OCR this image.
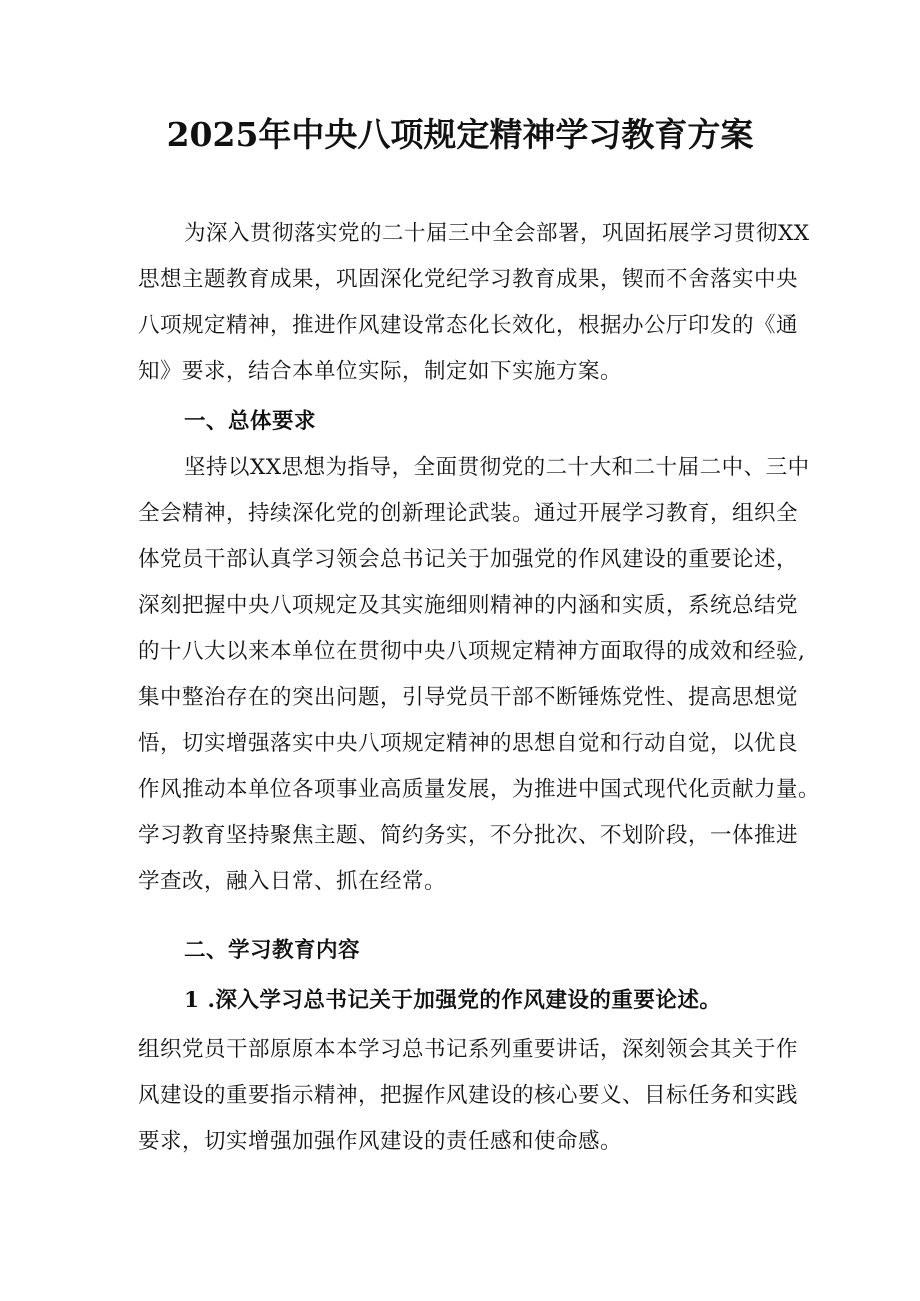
2025年中央八项规定精神学习教育方案
为深入贯彻落实党的二十届三中全会部署，巩固拓展学习贯彻XX
思想主题教育成果，巩固深化党纪学习教育成果，锲而不舍落实中央
八项规定精神，推进作风建设常态化长效化，根据办公厅印发的《通
知》要求，结合本单位实际，制定如下实施方案。
一、总体要求
坚持以XX思想为指导，全面贯彻党的二十大和二十届二中、三中
全会精神，持续深化党的创新理论武装。通过开展学习教育，组织全
体党员干部认真学习领会总书记关于加强党的作风建设的重要论述，
深刻把握中央八项规定及其实施细则精神的内涵和实质，系统总结党
的十八大以来本单位在贯彻中央八项规定精神方面取得的成效和经验,
集中整治存在的突出问题，引导党员干部不断锤炼党性、提高思想觉
悟，切实增强落实中央八项规定精神的思想自觉和行动自觉，以优良
作风推动本单位各项事业高质量发展，为推进中国式现代化贡献力量。
学习教育坚持聚焦主题、简约务实，不分批次、不划阶段，一体推进
学查改，融入日常、抓在经常。
二、学习教育内容
1 .深入学习总书记关于加强党的作风建设的重要论述。
组织党员干部原原本本学习总书记系列重要讲话，深刻领会其关于作
风建设的重要指示精神，把握作风建设的核心要义、目标任务和实践
要求，切实增强加强作风建设的责任感和使命感。
